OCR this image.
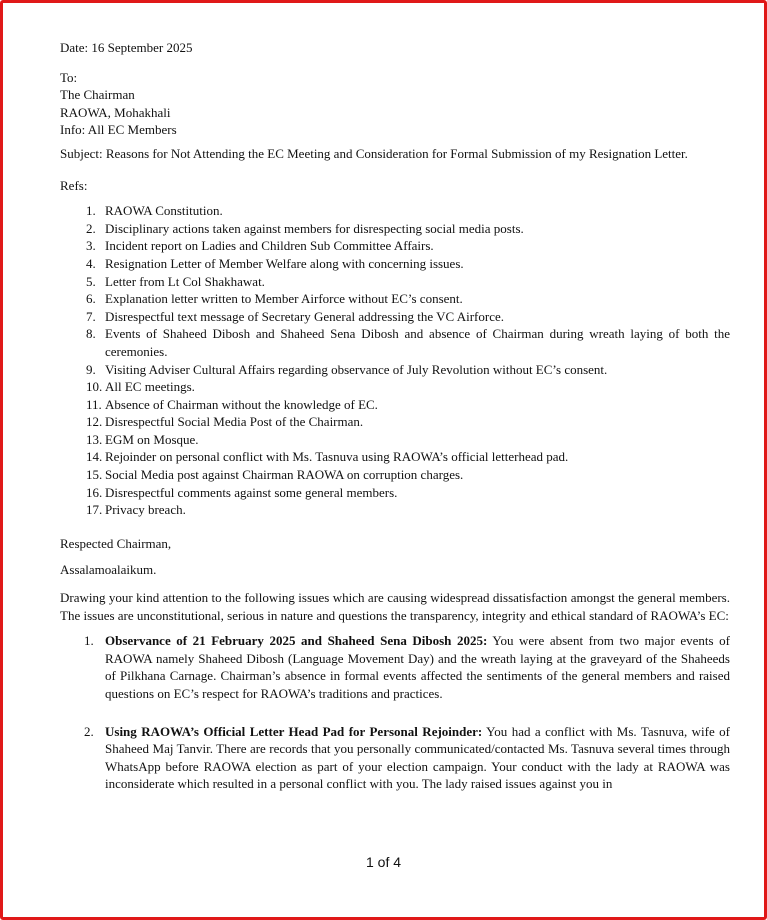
Date: 16 September 2025
To:
The Chairman
RAOWA, Mohakhali
Info: All EC Members
Subject: Reasons for Not Attending the EC Meeting and Consideration for Formal Submission of my Resignation Letter.
Refs:
1. RAOWA Constitution.
2. Disciplinary actions taken against members for disrespecting social media posts.
3. Incident report on Ladies and Children Sub Committee Affairs.
4. Resignation Letter of Member Welfare along with concerning issues.
5. Letter from Lt Col Shakhawat.
6. Explanation letter written to Member Airforce without EC’s consent.
7. Disrespectful text message of Secretary General addressing the VC Airforce.
8. Events of Shaheed Dibosh and Shaheed Sena Dibosh and absence of Chairman during wreath laying of both the ceremonies.
9. Visiting Adviser Cultural Affairs regarding observance of July Revolution without EC’s consent.
10. All EC meetings.
11. Absence of Chairman without the knowledge of EC.
12. Disrespectful Social Media Post of the Chairman.
13. EGM on Mosque.
14. Rejoinder on personal conflict with Ms. Tasnuva using RAOWA’s official letterhead pad.
15. Social Media post against Chairman RAOWA on corruption charges.
16. Disrespectful comments against some general members.
17. Privacy breach.
Respected Chairman,
Assalamoalaikum.
Drawing your kind attention to the following issues which are causing widespread dissatisfaction amongst the general members. The issues are unconstitutional, serious in nature and questions the transparency, integrity and ethical standard of RAOWA’s EC:
1. Observance of 21 February 2025 and Shaheed Sena Dibosh 2025: You were absent from two major events of RAOWA namely Shaheed Dibosh (Language Movement Day) and the wreath laying at the graveyard of the Shaheeds of Pilkhana Carnage. Chairman’s absence in formal events affected the sentiments of the general members and raised questions on EC’s respect for RAOWA’s traditions and practices.
2. Using RAOWA’s Official Letter Head Pad for Personal Rejoinder: You had a conflict with Ms. Tasnuva, wife of Shaheed Maj Tanvir. There are records that you personally communicated/contacted Ms. Tasnuva several times through WhatsApp before RAOWA election as part of your election campaign. Your conduct with the lady at RAOWA was inconsiderate which resulted in a personal conflict with you. The lady raised issues against you in
1 of 4
